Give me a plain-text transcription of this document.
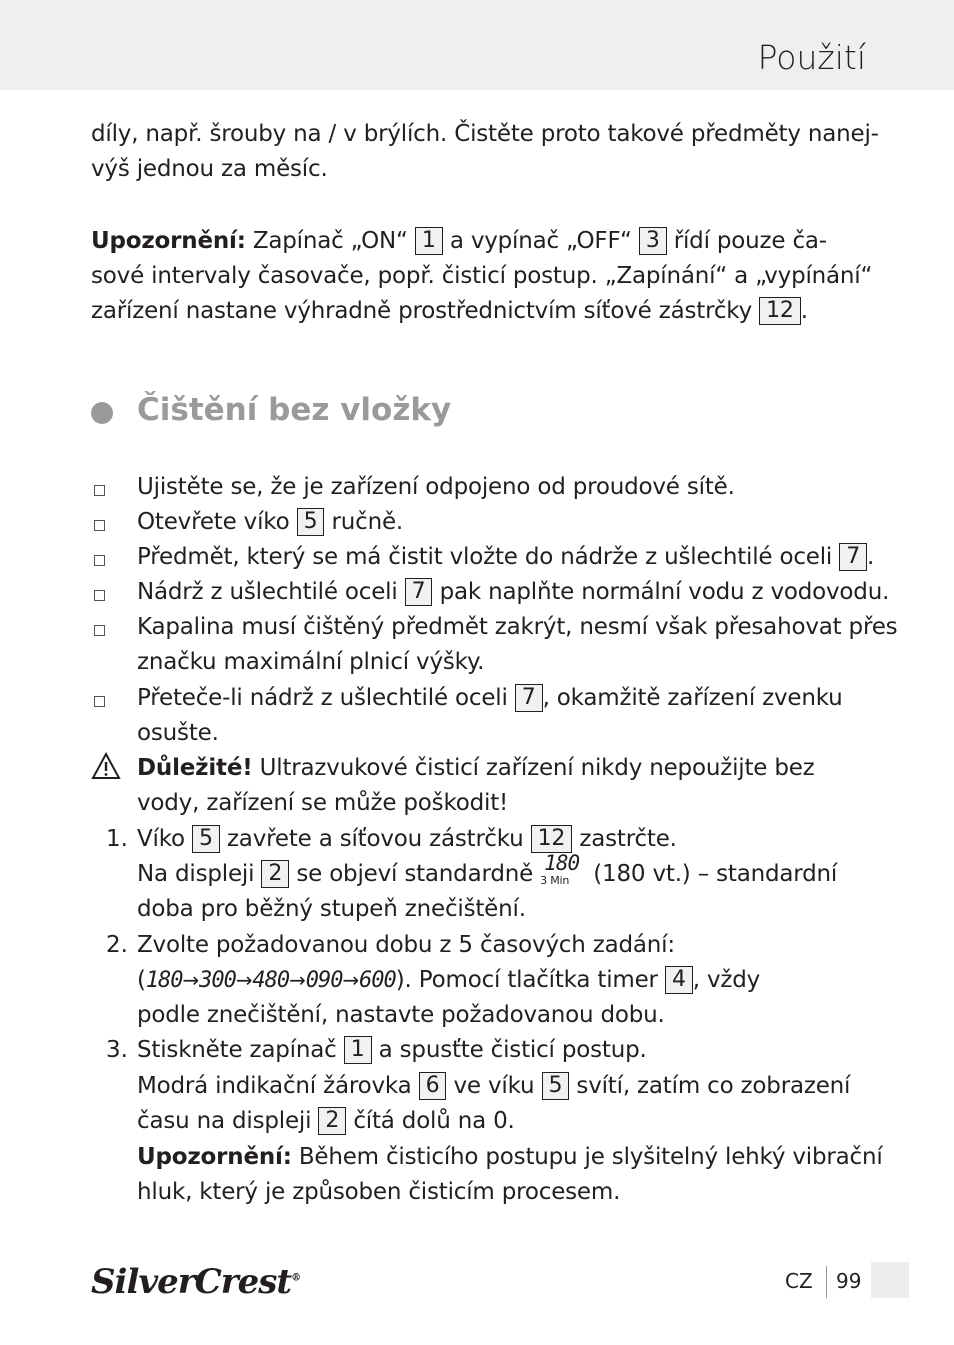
Použití
díly, např. šrouby na / v brýlích. Čistěte proto takové předměty nanej-
výš jednou za měsíc.
Upozornění: Zapínač „ON“ 1 a vypínač „OFF“ 3 řídí pouze ča-
sové intervaly časovače, popř. čisticí postup. „Zapínání“ a „vypínání“
zařízení nastane výhradně prostřednictvím síťové zástrčky 12 .
Čištění bez vložky
Ujistěte se, že je zařízení odpojeno od proudové sítě.
Otevřete víko 5 ručně.
Předmět, který se má čistit vložte do nádrže z ušlechtilé oceli 7 .
Nádrž z ušlechtilé oceli 7 pak naplňte normální vodu z vodovodu.
Kapalina musí čištěný předmět zakrýt, nesmí však přesahovat přes
značku maximální plnicí výšky.
Přeteče-li nádrž z ušlechtilé oceli 7 , okamžitě zařízení zvenku
osušte.
Důležité! Ultrazvukové čisticí zařízení nikdy nepoužijte bez
vody, zařízení se může poškodit!
1. Víko 5 zavřete a síťovou zástrčku 12 zastrčte.
Na displeji 2 se objeví standardně 180
3 Min (180 vt.) – standardní
doba pro běžný stupeň znečištění.
2. Zvolte požadovanou dobu z 5 časových zadání:
(180→300→480→090→600). Pomocí tlačítka timer 4 , vždy
podle znečištění, nastavte požadovanou dobu.
3. Stiskněte zapínač 1 a spusťte čisticí postup.
Modrá indikační žárovka 6 ve víku 5 svítí, zatím co zobrazení
času na displeji 2 čítá dolů na 0.
Upozornění: Během čisticího postupu je slyšitelný lehký vibrační
hluk, který je způsoben čisticím procesem.
SilverCrest®	CZ 99
